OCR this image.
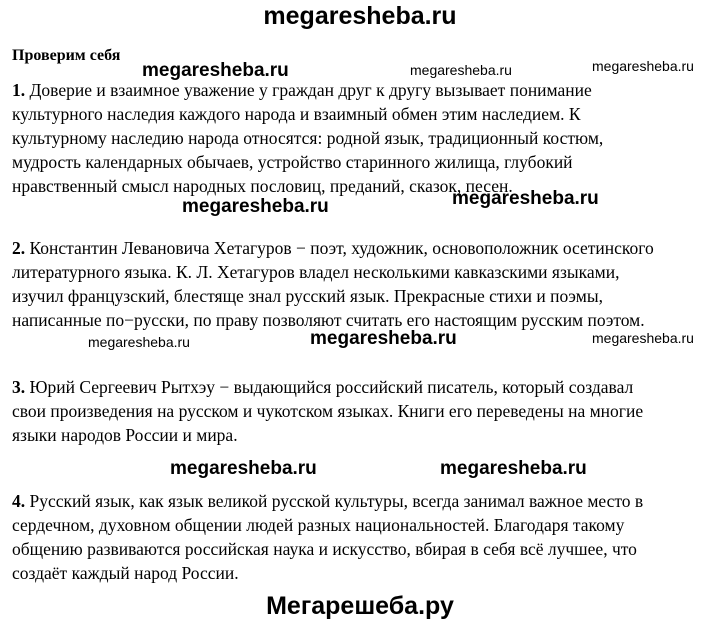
megaresheba.ru
Проверим себя
1. Доверие и взаимное уважение у граждан друг к другу вызывает понимание
культурного наследия каждого народа и взаимный обмен этим наследием. К
культурному наследию народа относятся: родной язык, традиционный костюм,
мудрость календарных обычаев, устройство старинного жилища, глубокий
нравственный смысл народных пословиц, преданий, сказок, песен.
2. Константин Левановича Хетагуров − поэт, художник, основоположник осетинского
литературного языка. К. Л. Хетагуров владел несколькими кавказскими языками,
изучил французский, блестяще знал русский язык. Прекрасные стихи и поэмы,
написанные по−русски, по праву позволяют считать его настоящим русским поэтом.
3. Юрий Сергеевич Рытхэу − выдающийся российский писатель, который создавал
свои произведения на русском и чукотском языках. Книги его переведены на многие
языки народов России и мира.
4. Русский язык, как язык великой русской культуры, всегда занимал важное место в
сердечном, духовном общении людей разных национальностей. Благодаря такому
общению развиваются российская наука и искусство, вбирая в себя всё лучшее, что
создаёт каждый народ России.
megaresheba.ru	megaresheba.ru	megaresheba.ru
megaresheba.ru	megaresheba.ru
megaresheba.ru	megaresheba.ru	megaresheba.ru
megaresheba.ru	megaresheba.ru
Мегарешеба.ру
